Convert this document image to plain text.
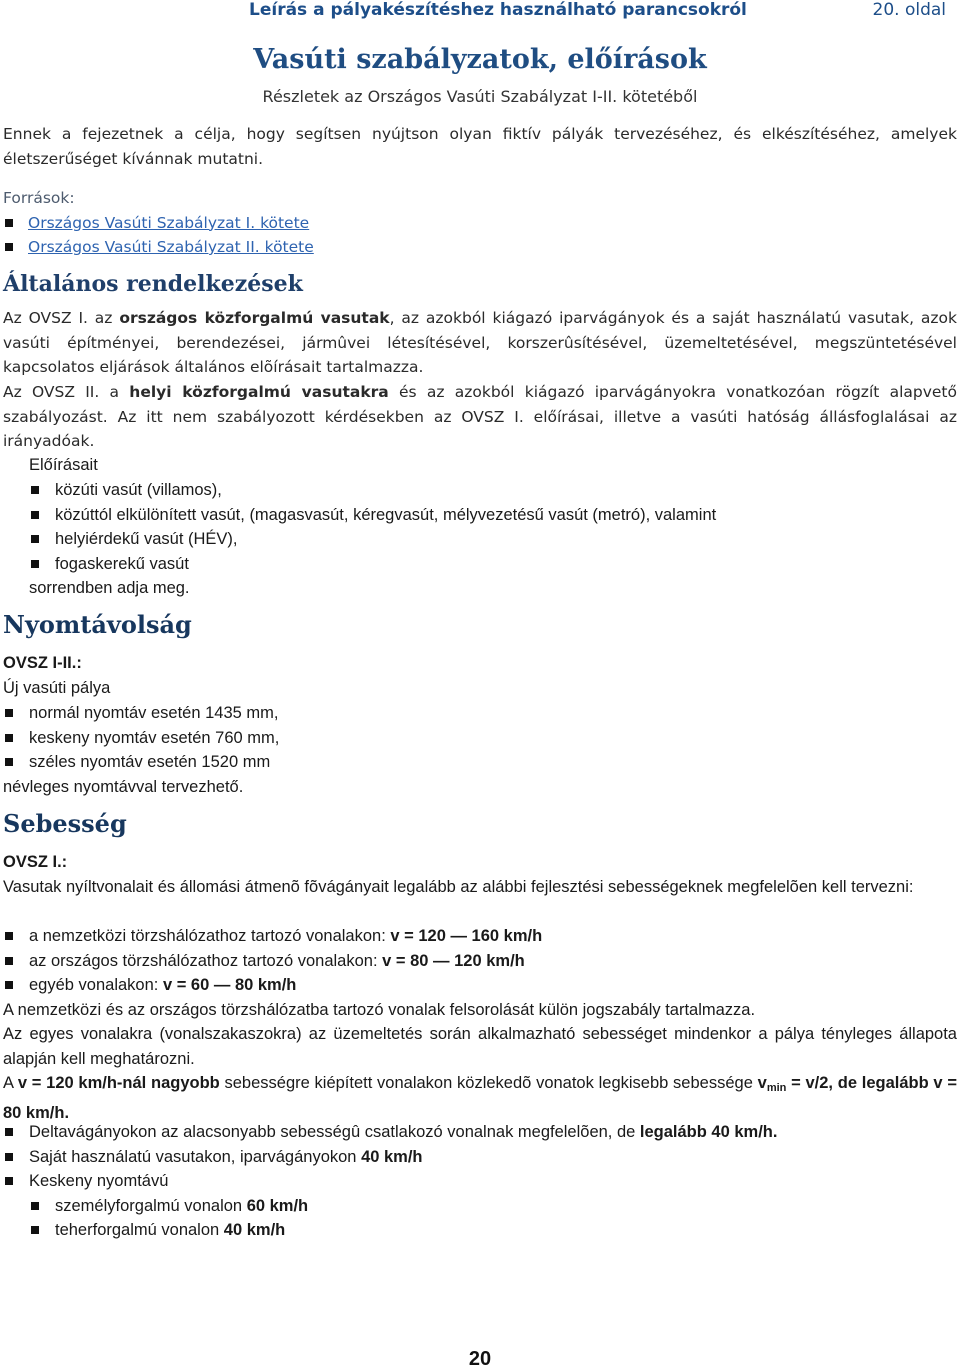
Leírás a pályakészítéshez használható parancsokról	20. oldal
Vasúti szabályzatok, előírások
Részletek az Országos Vasúti Szabályzat I-II. kötetéből
Ennek a fejezetnek a célja, hogy segítsen nyújtson olyan fiktív pályák tervezéséhez, és elkészítéséhez, amelyek életszerűséget kívánnak mutatni.
Források:
Országos Vasúti Szabályzat I. kötete
Országos Vasúti Szabályzat II. kötete
Általános rendelkezések
Az OVSZ I. az országos közforgalmú vasutak, az azokból kiágazó iparvágányok és a saját használatú vasutak, azok vasúti építményei, berendezései, jármûvei létesítésével, korszerûsítésével, üzemeltetésével, megszüntetésével kapcsolatos eljárások általános elõírásait tartalmazza.
Az OVSZ II. a helyi közforgalmú vasutakra és az azokból kiágazó iparvágányokra vonatkozóan rögzít alapvető szabályozást. Az itt nem szabályozott kérdésekben az OVSZ I. előírásai, illetve a vasúti hatóság állásfoglalásai az irányadóak.
Előírásait
közúti vasút (villamos),
közúttól elkülönített vasút, (magasvasút, kéregvasút, mélyvezetésű vasút (metró), valamint
helyiérdekű vasút (HÉV),
fogaskerekű vasút
sorrendben adja meg.
Nyomtávolság
OVSZ I-II.:
Új vasúti pálya
normál nyomtáv esetén 1435 mm,
keskeny nyomtáv esetén 760 mm,
széles nyomtáv esetén 1520 mm
névleges nyomtávval tervezhető.
Sebesség
OVSZ I.:
Vasutak nyíltvonalait és állomási átmenõ fõvágányait legalább az alábbi fejlesztési sebességeknek megfelelõen kell tervezni:
a nemzetközi törzshálózathoz tartozó vonalakon: v = 120 — 160 km/h
az országos törzshálózathoz tartozó vonalakon: v = 80 — 120 km/h
egyéb vonalakon: v = 60 — 80 km/h
A nemzetközi és az országos törzshálózatba tartozó vonalak felsorolását külön jogszabály tartalmazza.
Az egyes vonalakra (vonalszakaszokra) az üzemeltetés során alkalmazható sebességet mindenkor a pálya tényleges állapota alapján kell meghatározni.
A v = 120 km/h-nál nagyobb sebességre kiépített vonalakon közlekedõ vonatok legkisebb sebessége $v_{min} = v/2$, de legalább v = 80 km/h.
Deltavágányokon az alacsonyabb sebességû csatlakozó vonalnak megfelelõen, de legalább 40 km/h.
Saját használatú vasutakon, iparvágányokon 40 km/h
Keskeny nyomtávú
személyforgalmú vonalon 60 km/h
teherforgalmú vonalon 40 km/h
20
